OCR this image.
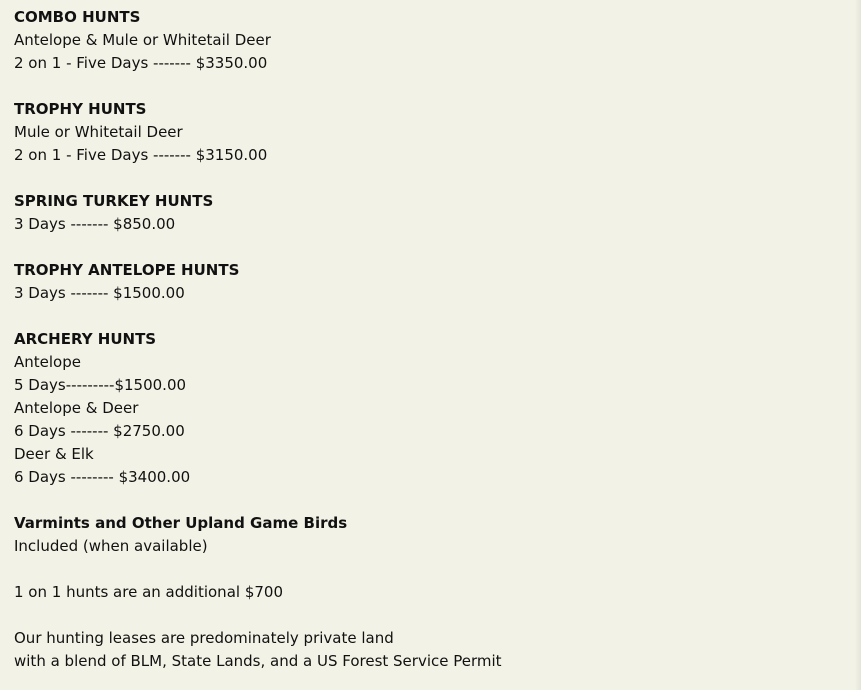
COMBO HUNTS
Antelope & Mule or Whitetail Deer
2 on 1 - Five Days ------- $3350.00
TROPHY HUNTS
Mule or Whitetail Deer
2 on 1 - Five Days ------- $3150.00
SPRING TURKEY HUNTS
3 Days ------- $850.00
TROPHY ANTELOPE HUNTS
3 Days ------- $1500.00
ARCHERY HUNTS
Antelope
5 Days---------$1500.00
Antelope & Deer
6 Days ------- $2750.00
Deer & Elk
6 Days -------- $3400.00
Varmints and Other Upland Game Birds
Included (when available)
1 on 1 hunts are an additional $700
Our hunting leases are predominately private land
with a blend of BLM, State Lands, and a US Forest Service Permit
